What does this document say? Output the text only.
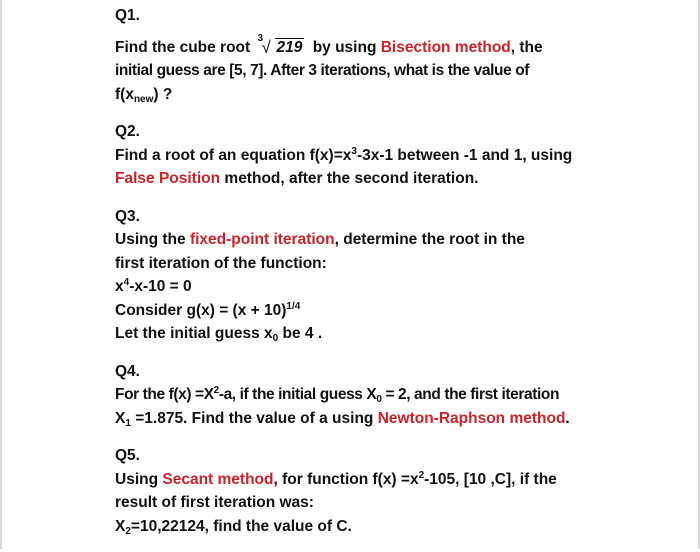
Q1.

Find the cube root
3
√ 219 by using Bisection method, the
initial guess are [5, 7]. After 3 iterations, what is the value of
$f(x_{new})$ ?

Q2.

Find a root of an equation $f(x)=x^3-3x-1$ between -1 and 1, using
False Position method, after the second iteration.

Q3.

Using the fixed-point iteration, determine the root in the
first iteration of the function:
$x^4-x-10 = 0$
Consider $g(x) = (x + 10)^{1/4}$
Let the initial guess $x_0$ be 4 .

Q4.

For the $f(x) =X^2-a$, if the initial guess $X_0 = 2$, and the first iteration
$X_1 =1.875$. Find the value of a using Newton-Raphson method.

Q5.

Using Secant method, for function $f(x) =x^2-105$, [10 ,C], if the
result of first iteration was:
$X_2=10,22124$, find the value of C.
